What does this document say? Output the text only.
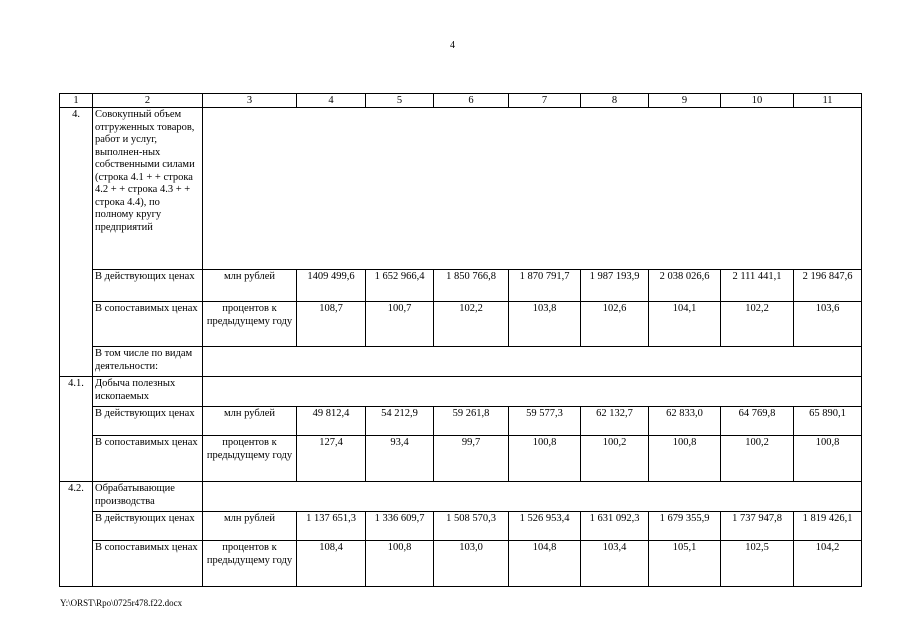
4
1	2	3	4	5	6	7	8	9	10	11
4.	Совокупный объем отгруженных товаров, работ и услуг, выполнен-ных собственными силами (строка 4.1 + + строка 4.2 + + строка 4.3 + + строка 4.4), по полному кругу предприятий									
	В действующих ценах	млн рублей	1409 499,6	1 652 966,4	1 850 766,8	1 870 791,7	1 987 193,9	2 038 026,6	2 111 441,1	2 196 847,6
	В сопоставимых ценах	процентов к предыдущему году	108,7	100,7	102,2	103,8	102,6	104,1	102,2	103,6
	В том числе по видам деятельности:									
4.1.	Добыча полезных ископаемых									
	В действующих ценах	млн рублей	49 812,4	54 212,9	59 261,8	59 577,3	62 132,7	62 833,0	64 769,8	65 890,1
	В сопоставимых ценах	процентов к предыдущему году	127,4	93,4	99,7	100,8	100,2	100,8	100,2	100,8
4.2.	Обрабатывающие производства									
	В действующих ценах	млн рублей	1 137 651,3	1 336 609,7	1 508 570,3	1 526 953,4	1 631 092,3	1 679 355,9	1 737 947,8	1 819 426,1
	В сопоставимых ценах	процентов к предыдущему году	108,4	100,8	103,0	104,8	103,4	105,1	102,5	104,2
Y:\ORST\Rpo\0725r478.f22.docx
